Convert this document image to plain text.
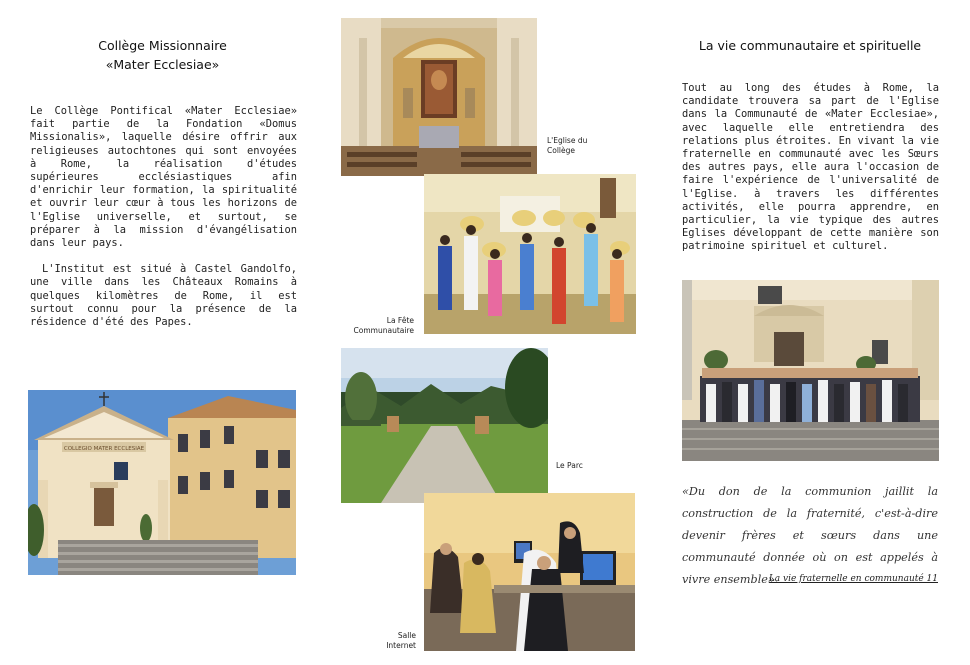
Collège Missionnaire
«Mater Ecclesiae»

Le Collège Pontifical «Mater Ecclesiae» fait partie de la Fondation «Domus Missionalis», laquelle désire offrir aux religieuses autochtones qui sont envoyées à Rome, la réalisation d'études supérieures ecclésiastiques afin d'enrichir leur formation, la spiritualité et ouvrir leur cœur à tous les horizons de l'Eglise universelle, et surtout, se préparer à la mission d'évangélisation dans leur pays.

L'Institut est situé à Castel Gandolfo, une ville dans les Châteaux Romains à quelques kilomètres de Rome, il est surtout connu pour la présence de la résidence d'été des Papes.

COLLEGIO MATER ECCLESIAE
L'Eglise du
Collège
La Fête
Communautaire
Le Parc
Salle
Internet
La vie communautaire et spirituelle
Tout au long des études à Rome, la candidate trouvera sa part de l'Eglise dans la Communauté de «Mater Ecclesiae», avec laquelle elle entretiendra des relations plus étroites. En vivant la vie fraternelle en communauté avec les Sœurs des autres pays, elle aura l'occasion de faire l'expérience de l'universalité de l'Eglise. à travers les différentes activités, elle pourra apprendre, en particulier, la vie typique des autres Eglises développant de cette manière son patrimoine spirituel et culturel.
«Du don de la communion jaillit la construction de la fraternité, c'est-à-dire devenir frères et sœurs dans une communauté donnée où on est appelés à vivre ensemble».
La vie fraternelle en communauté 11
